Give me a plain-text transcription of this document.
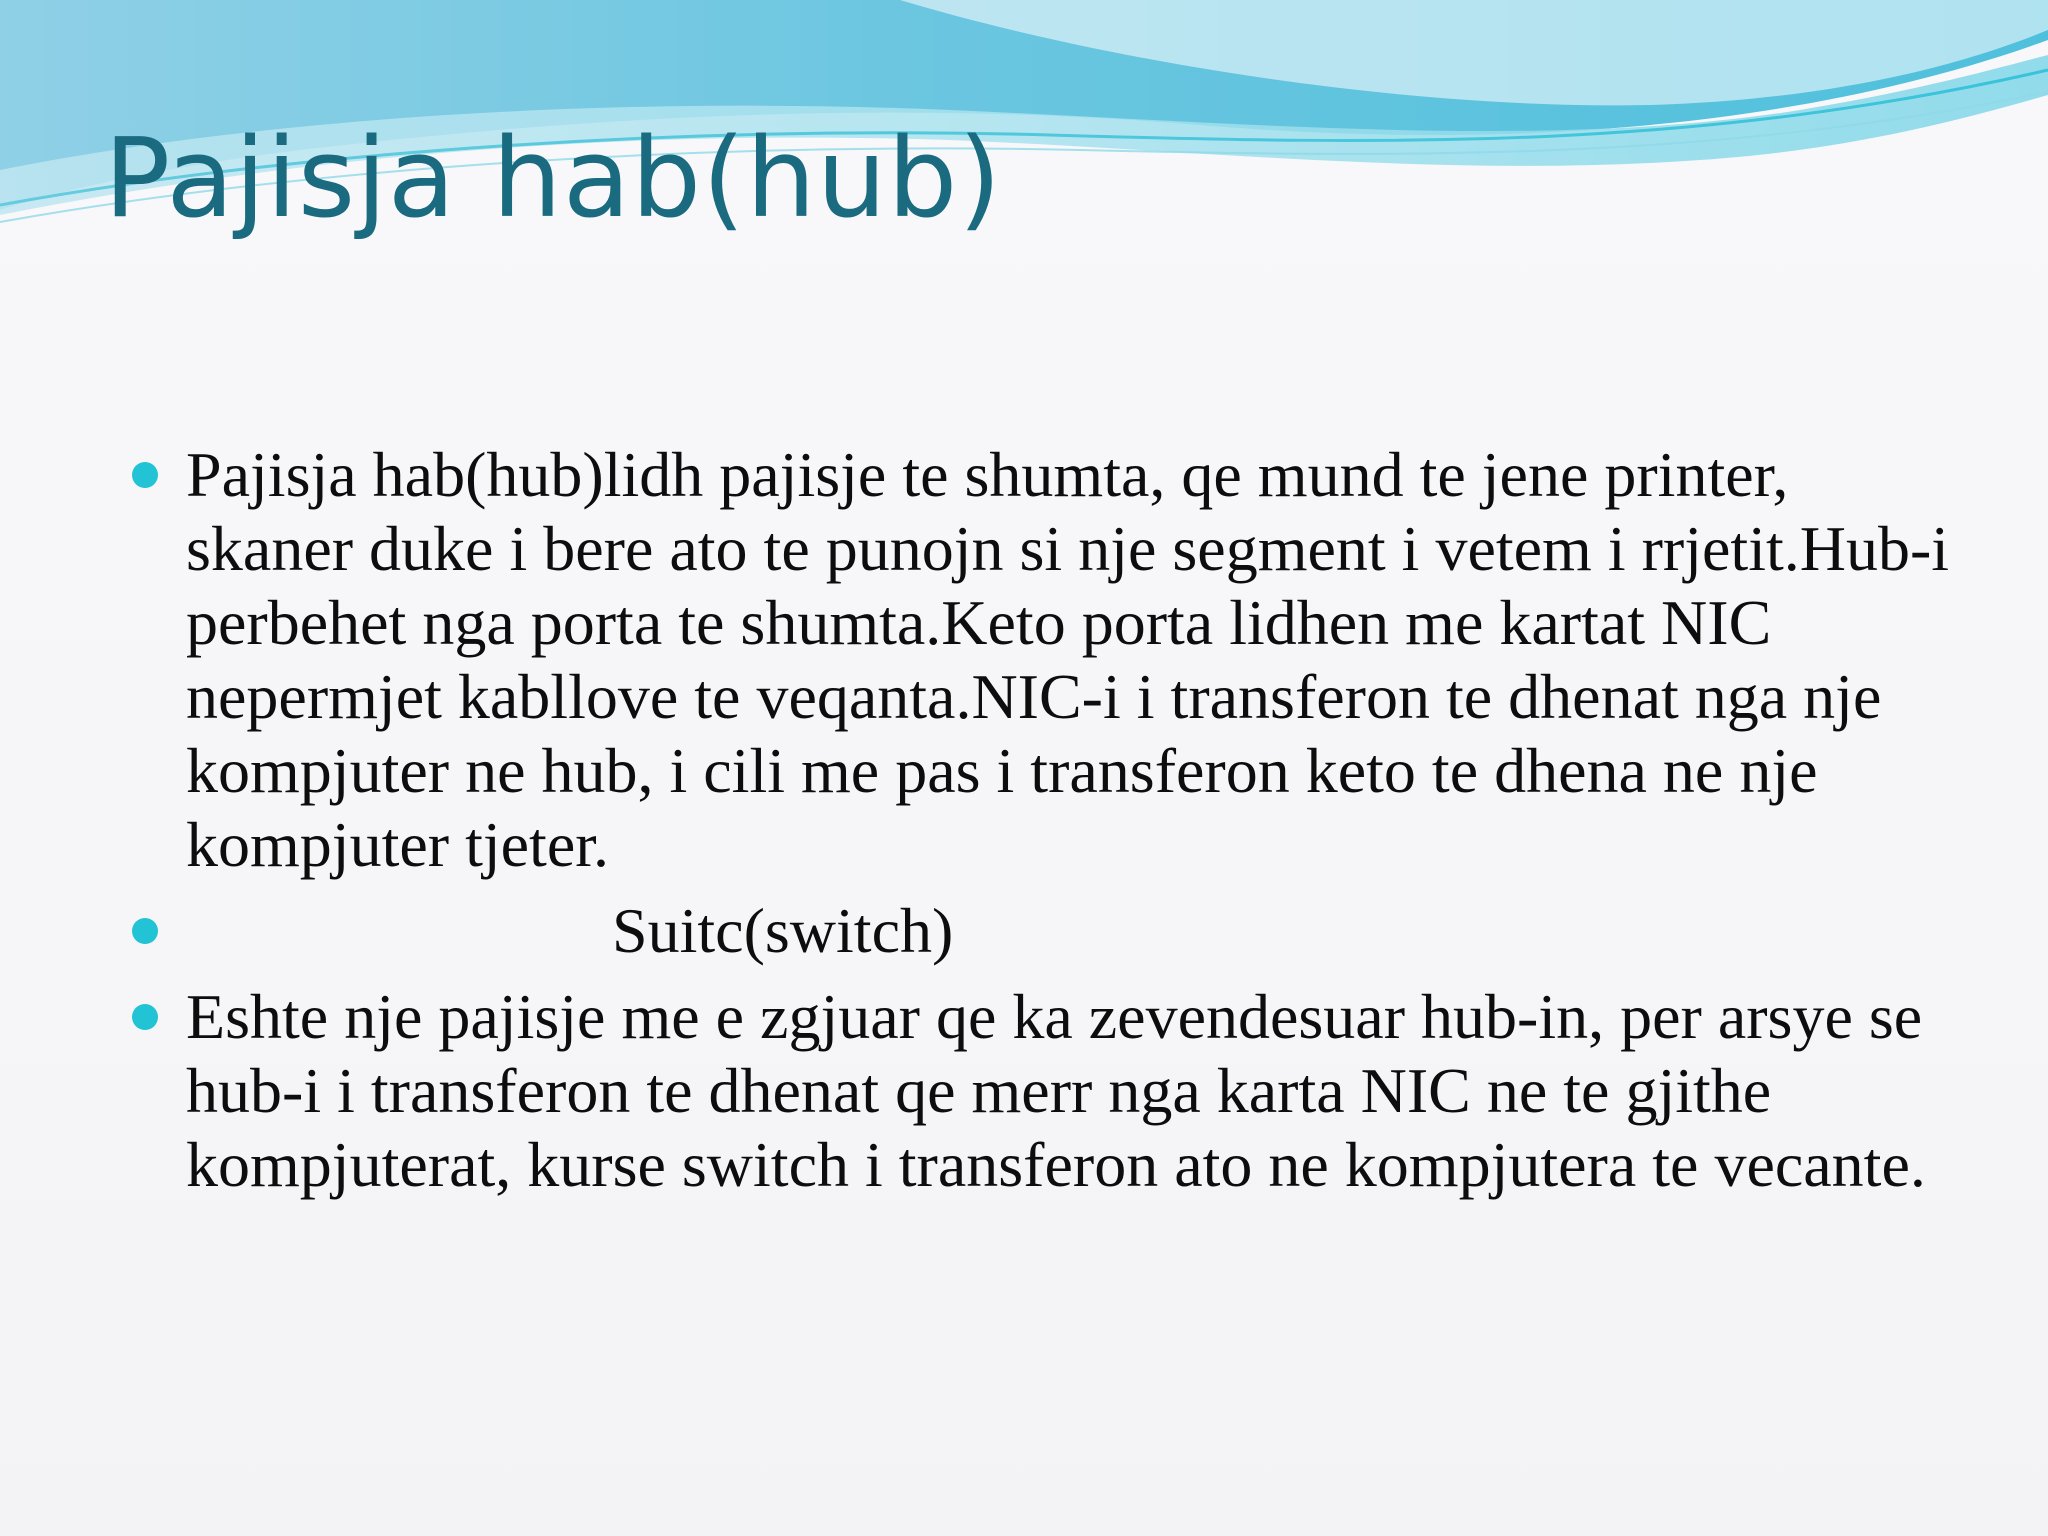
Pajisja hab(hub)
Pajisja hab(hub)lidh pajisje te shumta, qe mund te jene printer, skaner duke i bere ato te punojn si nje segment i vetem i rrjetit.Hub-i perbehet nga porta te shumta.Keto porta lidhen me kartat NIC nepermjet kabllove te veqanta.NIC-i i transferon te dhenat nga nje kompjuter ne hub, i cili me pas i transferon keto te dhena ne nje kompjuter tjeter.
Suitc(switch)
Eshte nje pajisje me e zgjuar qe ka zevendesuar hub-in, per arsye se hub-i i transferon te dhenat qe merr nga karta NIC ne te gjithe kompjuterat, kurse switch i transferon ato ne kompjutera te vecante.
